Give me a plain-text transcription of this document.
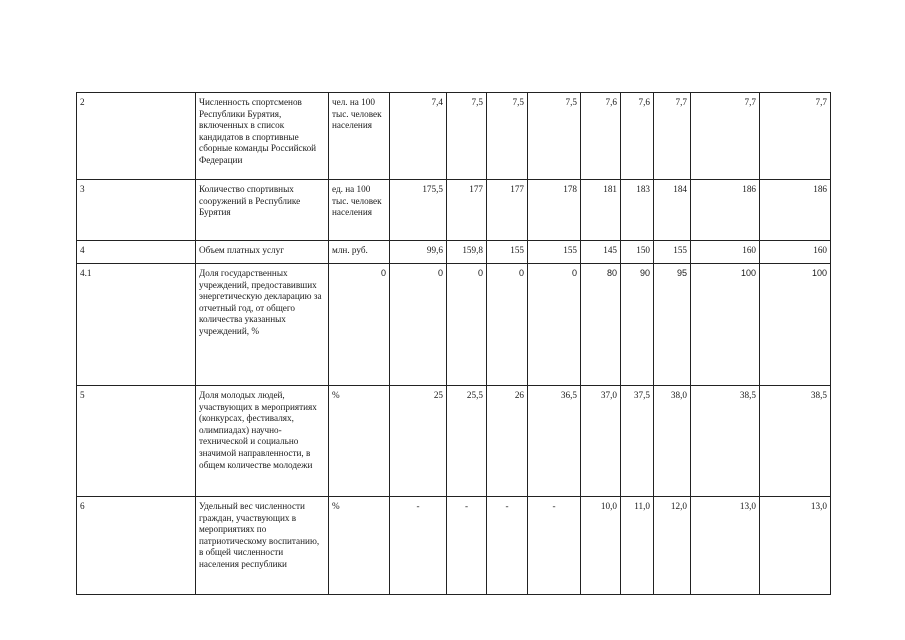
2	Численность спортсменов Республики Бурятия, включенных в список кандидатов в спортивные сборные команды Российской Федерации	чел. на 100 тыс. человек населения	7,4	7,5	7,5	7,5	7,6	7,6	7,7	7,7	7,7
3	Количество спортивных сооружений в Республике Бурятия	ед. на 100 тыс. человек населения	175,5	177	177	178	181	183	184	186	186
4	Объем платных услуг	млн. руб.	99,6	159,8	155	155	145	150	155	160	160
4.1	Доля государственных учреждений, предоставивших энергетическую декларацию за отчетный год, от общего количества указанных учреждений, %	0	0	0	0	0	80	90	95	100	100
5	Доля молодых людей, участвующих в мероприятиях (конкурсах, фестивалях, олимпиадах) научно-технической и социально значимой направленности, в общем количестве молодежи	%	25	25,5	26	36,5	37,0	37,5	38,0	38,5	38,5
6	Удельный вес численности граждан, участвующих в мероприятиях по патриотическому воспитанию, в общей численности населения республики	%	-	-	-	-	10,0	11,0	12,0	13,0	13,0
